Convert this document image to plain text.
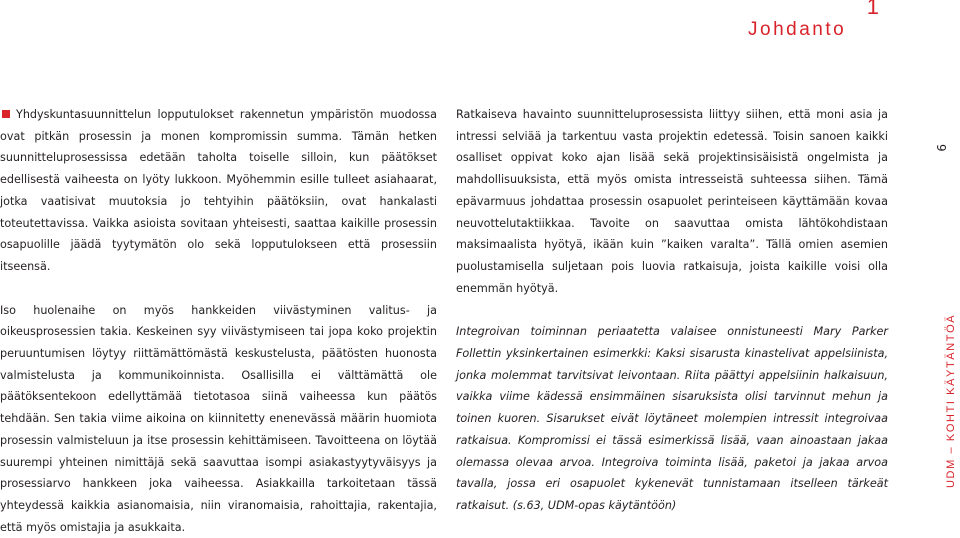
1
Johdanto

Yhdyskuntasuunnittelun lopputulokset rakennetun ympäristön muodossa ovat pitkän prosessin ja monen kompromissin summa. Tämän hetken suunnitteluprosessissa edetään taholta toiselle silloin, kun päätökset edellisestä vaiheesta on lyöty lukkoon. Myöhemmin esille tulleet asiahaarat, jotka vaatisivat muutoksia jo tehtyihin päätöksiin, ovat hankalasti toteutettavissa. Vaikka asioista sovitaan yhteisesti, saattaa kaikille prosessin osapuolille jäädä tyytymätön olo sekä lopputulokseen että prosessiin itseensä.

Iso huolenaihe on myös hankkeiden viivästyminen valitus- ja oikeusprosessien takia. Keskeinen syy viivästymiseen tai jopa koko projektin peruuntumisen löytyy riittämättömästä keskustelusta, päätösten huonosta valmistelusta ja kommunikoinnista. Osallisilla ei välttämättä ole päätöksentekoon edellyttämää tietotasoa siinä vaiheessa kun päätös tehdään. Sen takia viime aikoina on kiinnitetty enenevässä määrin huomiota prosessin valmisteluun ja itse prosessin kehittämiseen. Tavoitteena on löytää suurempi yhteinen nimittäjä sekä saavuttaa isompi asiakastyytyväisyys ja prosessiarvo hankkeen joka vaiheessa. Asiakkailla tarkoitetaan tässä yhteydessä kaikkia asianomaisia, niin viranomaisia, rahoittajia, rakentajia, että myös omistajia ja asukkaita.

Ratkaiseva havainto suunnitteluprosessista liittyy siihen, että moni asia ja intressi selviää ja tarkentuu vasta projektin edetessä. Toisin sanoen kaikki osalliset oppivat koko ajan lisää sekä projektinsisäisistä ongelmista ja mahdollisuuksista, että myös omista intresseistä suhteessa siihen. Tämä epävarmuus johdattaa prosessin osapuolet perinteiseen käyttämään kovaa neuvottelutaktiikkaa. Tavoite on saavuttaa omista lähtökohdistaan maksimaalista hyötyä, ikään kuin ”kaiken varalta”. Tällä omien asemien puolustamisella suljetaan pois luovia ratkaisuja, joista kaikille voisi olla enemmän hyötyä.

Integroivan toiminnan periaatetta valaisee onnistuneesti Mary Parker Follettin yksinkertainen esimerkki: Kaksi sisarusta kinastelivat appelsiinista, jonka molemmat tarvitsivat leivontaan. Riita päättyi appelsiinin halkaisuun, vaikka viime kädessä ensimmäinen sisaruksista olisi tarvinnut mehun ja toinen kuoren. Sisarukset eivät löytäneet molempien intressit integroivaa ratkaisua. Kompromissi ei tässä esimerkissä lisää, vaan ainoastaan jakaa olemassa olevaa arvoa. Integroiva toiminta lisää, paketoi ja jakaa arvoa tavalla, jossa eri osapuolet kykenevät tunnistamaan itselleen tärkeät ratkaisut. (s.63, UDM-opas käytäntöön)

9
UDM – KOHTI KÄYTÄNTÖÄ
